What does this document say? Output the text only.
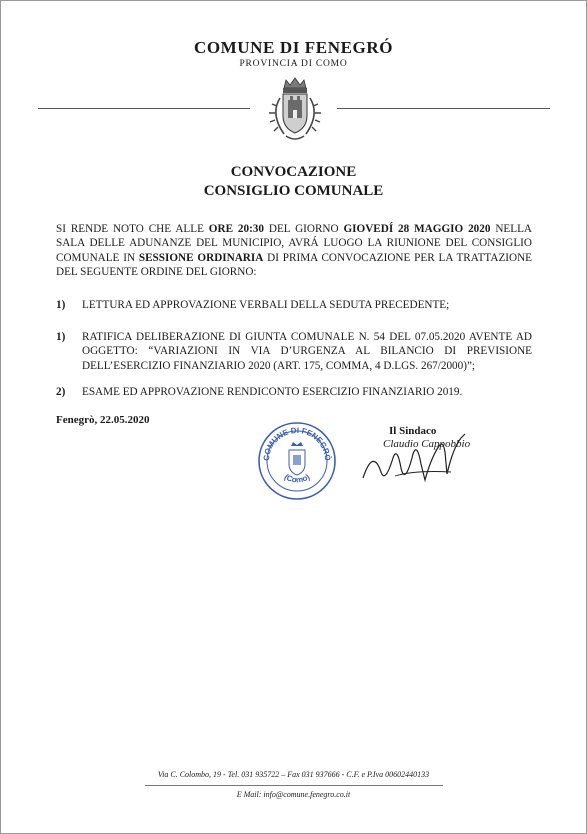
COMUNE DI FENEGRÓ
PROVINCIA DI COMO
CONVOCAZIONE
CONSIGLIO COMUNALE
SI RENDE NOTO CHE ALLE ORE 20:30 DEL GIORNO GIOVEDÍ 28 MAGGIO 2020 NELLA SALA DELLE ADUNANZE DEL MUNICIPIO, AVRÁ LUOGO LA RIUNIONE DEL CONSIGLIO COMUNALE IN SESSIONE ORDINARIA DI PRIMA CONVOCAZIONE PER LA TRATTAZIONE DEL SEGUENTE ORDINE DEL GIORNO:
1)	LETTURA ED APPROVAZIONE VERBALI DELLA SEDUTA PRECEDENTE;
1)	RATIFICA DELIBERAZIONE DI GIUNTA COMUNALE N. 54 DEL 07.05.2020 AVENTE AD OGGETTO: “VARIAZIONI IN VIA D’URGENZA AL BILANCIO DI PREVISIONE DELL’ESERCIZIO FINANZIARIO 2020 (ART. 175, COMMA, 4 D.LGS. 267/2000)”;
2)	ESAME ED APPROVAZIONE RENDICONTO ESERCIZIO FINANZIARIO 2019.
Fenegrò, 22.05.2020
COMUNE DI FENEGRÒ
(Como)
Il Sindaco
Claudio Cappobbio
Via C. Colombo, 19 - Tel. 031 935722 – Fax 031 937666 - C.F. e P.Iva 00602440133
E Mail: info@comune.fenegro.co.it
